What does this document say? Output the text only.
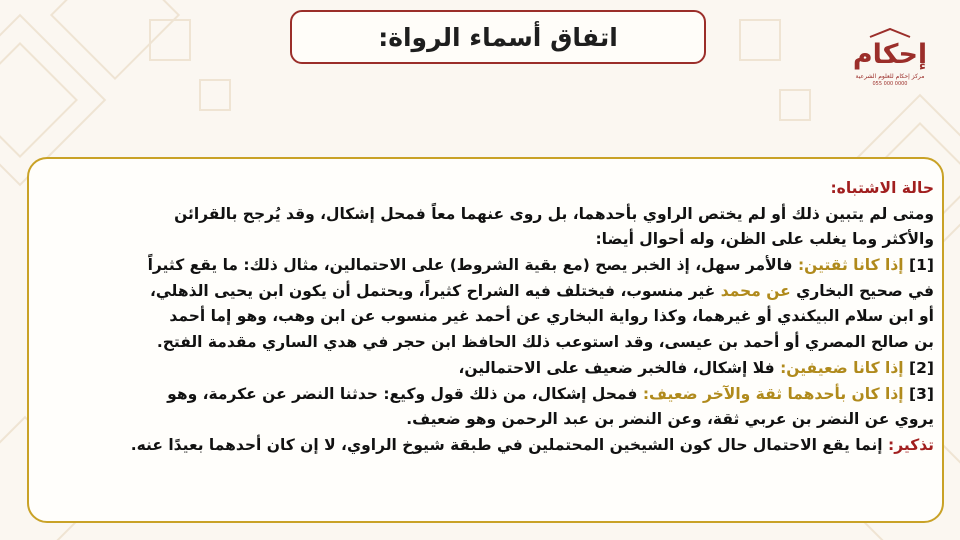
اتفاق أسماء الرواة:
إحكام
مركز إحكام للعلوم الشرعية
055 000 0000
حالة الاشتباه:
ومتى لم يتبين ذلك أو لم يختص الراوي بأحدهما، بل روى عنهما معاً فمحل إشكال، وقد يُرجح بالقرائن
والأكثر وما يغلب على الظن، وله أحوال أيضا:
[1] إذا كانا ثقتين: فالأمر سهل، إذ الخبر يصح (مع بقية الشروط) على الاحتمالين، مثال ذلك: ما يقع كثيراً
في صحيح البخاري عن محمد غير منسوب، فيختلف فيه الشراح كثيراً، ويحتمل أن يكون ابن يحيى الذهلي،
أو ابن سلام البيكندي أو غيرهما، وكذا رواية البخاري عن أحمد غير منسوب عن ابن وهب، وهو إما أحمد
بن صالح المصري أو أحمد بن عيسى، وقد استوعب ذلك الحافظ ابن حجر في هدي الساري مقدمة الفتح.
[2] إذا كانا ضعيفين: فلا إشكال، فالخبر ضعيف على الاحتمالين،
[3] إذا كان بأحدهما ثقة والآخر ضعيف: فمحل إشكال، من ذلك قول وكيع: حدثنا النضر عن عكرمة، وهو
يروي عن النضر بن عربي ثقة، وعن النضر بن عبد الرحمن وهو ضعيف.
تذكير: إنما يقع الاحتمال حال كون الشيخين المحتملين في طبقة شيوخ الراوي، لا إن كان أحدهما بعيدًا عنه.
